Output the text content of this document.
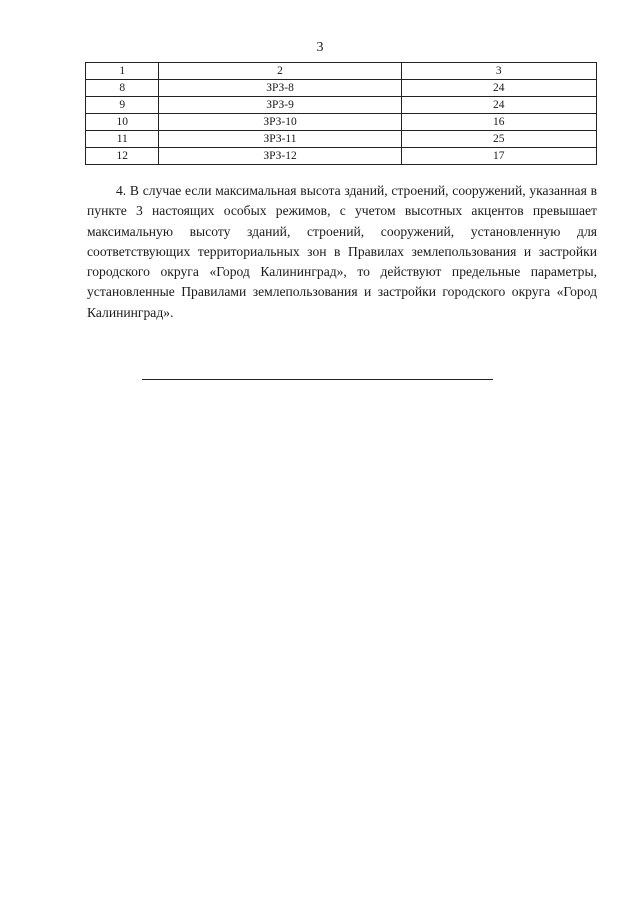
3
1	2	3
8	ЗРЗ-8	24
9	ЗРЗ-9	24
10	ЗРЗ-10	16
11	ЗРЗ-11	25
12	ЗРЗ-12	17
4. В случае если максимальная высота зданий, строений, сооружений, указанная в пункте 3 настоящих особых режимов, с учетом высотных акцентов превышает максимальную высоту зданий, строений, сооружений, установленную для соответствующих территориальных зон в Правилах землепользования и застройки городского округа «Город Калининград», то действуют предельные параметры, установленные Правилами землепользования и застройки городского округа «Город Калининград».
